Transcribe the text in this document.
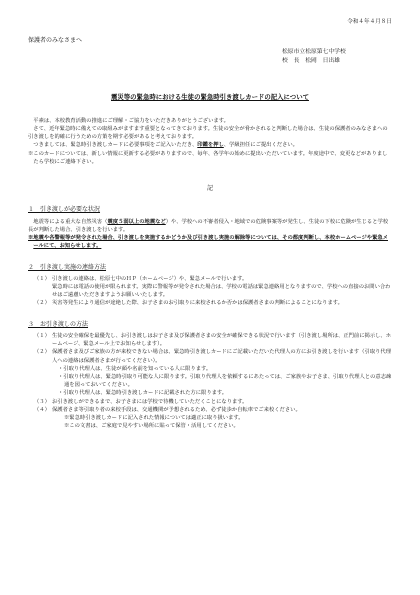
令和４年４月８日
保護者のみなさまへ
松原市立松原第七中学校
校　長　松岡　日出雄
震災等の緊急時における生徒の緊急時引き渡しカードの記入について

平素は、本校教育活動の推進にご理解・ご協力をいただきありがとうございます。

さて、近年緊急時に備えての取組みがますます重要となってきております。生徒の安全が脅かされると判断した場合は、生徒の保護者のみなさまへの引き渡しを的確に行うための方策を期す必要があると考えております。

つきましては、緊急時引き渡しカードに必要事項をご記入いただき、印鑑を押し、学級担任にご提出ください。

※このカードについては、新しい情報に更新する必要がありますので、毎年、各学年の始めに提出いただいています。年度途中で、変更などがありましたら学校にご連絡下さい。

記
１　引き渡しが必要な状況
地震等による重大な自然災害（震度５弱以上の地震など）や、学校への不審者侵入・地域での危険事案等が発生し、生徒の下校に危険が生じると学校長が判断した場合、引き渡しを行います。
※地震や各警報等が発令された場合、引き渡しを実施するかどうか及び引き渡し実施の解除等については、その都度判断し、本校ホームページや緊急メールにて、お知らせします。
２　引き渡し実施の連絡方法
（１） 引き渡しの連絡は、松原七中のＨＰ（ホームページ）や、緊急メールで行います。
緊急時には電話の使用が限られます。実際に警報等が発令された場合は、学校の電話は緊急連絡用となりますので、学校への直接のお問い合わせはご遠慮いただきますようお願いいたします。
（２） 災害等発生により通信が途絶した際、お子さまのお引取りに来校されるか否かは保護者さまの判断によることになります。
３　お引き渡しの方法
（１） 生徒の安全確保を最優先し、お引き渡しはお子さま及び保護者さまの安全が確保できる状況で行います（引き渡し場所は、正門前に掲示し、ホームページ、緊急メール上でお知らせします）。
（２） 保護者さま及びご家族の方が来校できない場合は、緊急時引き渡しカードにご記載いただいた代理人の方にお引き渡しを行います（引取り代理人への連絡は保護者さまが行ってください）。
・引取り代理人は、生徒が顔や名前を知っている人に限ります。
・引取り代理人は、緊急時引取り可能な人に限ります。引取り代理人を依頼するにあたっては、ご家族やお子さま、引取り代理人との意志疎通を図っておいてください。
・引取り代理人は、緊急時引き渡しカードに記載された方に限ります。
（３） お引き渡しができるまで、お子さまには学校で待機していただくことになります。
（４） 保護者さま等引取り者の来校手段は、交通機関が予想されるため、必ず徒歩か自転車でご来校ください。
※緊急時引き渡しカードに記入された情報については適正に取り扱います。
※この文書は、ご家庭で見やすい場所に貼って保管・活用してください。
